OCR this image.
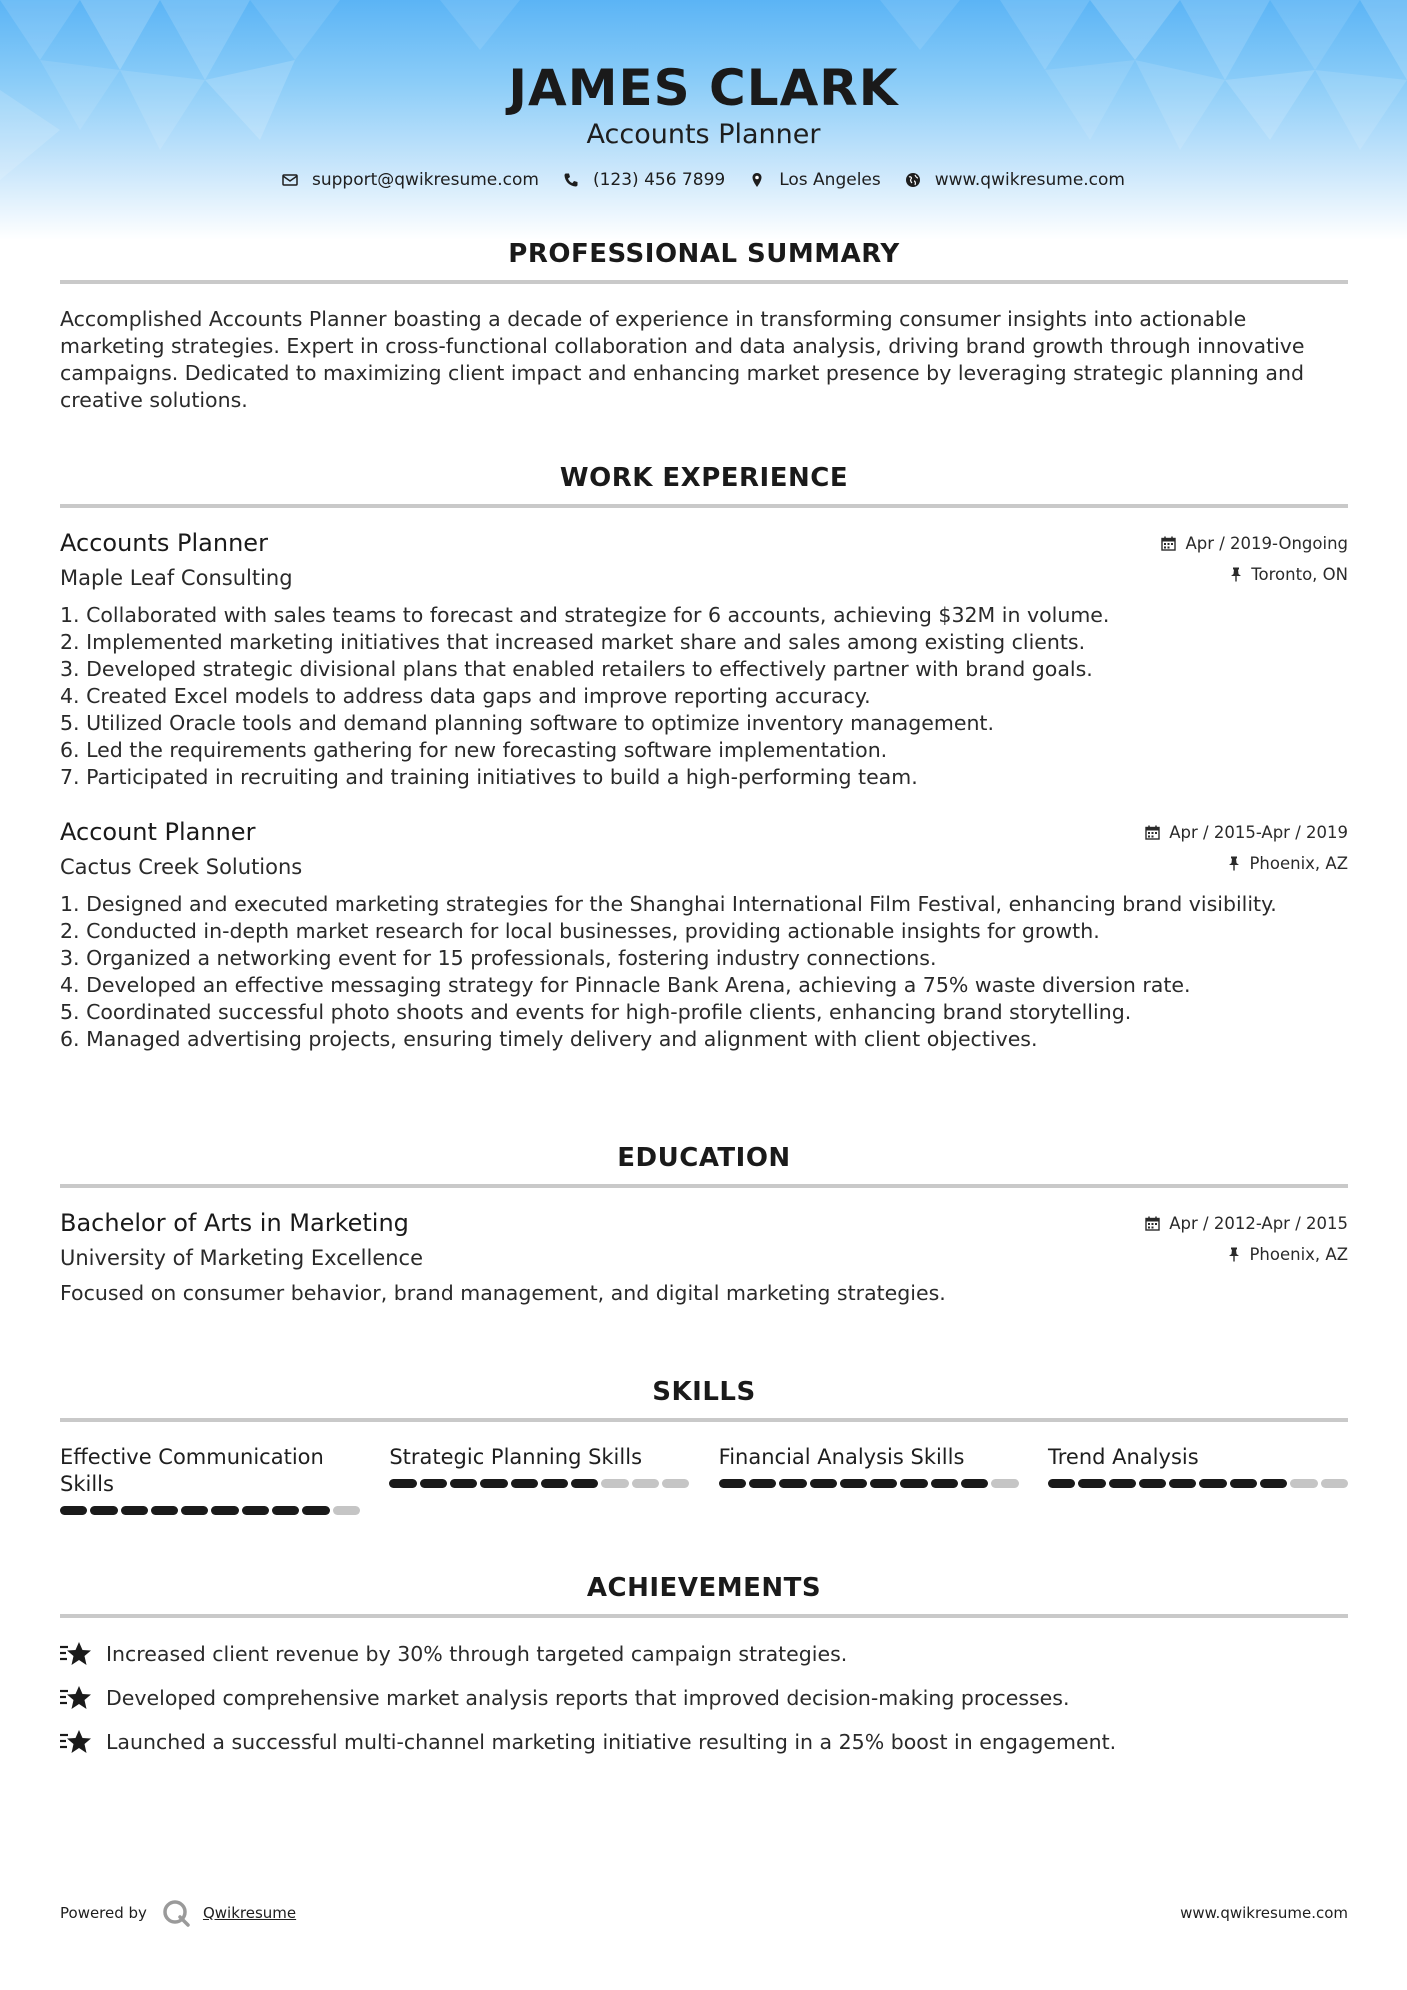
JAMES CLARK
Accounts Planner
support@qwikresume.com	(123) 456 7899	Los Angeles	www.qwikresume.com
PROFESSIONAL SUMMARY
Accomplished Accounts Planner boasting a decade of experience in transforming consumer insights into actionable marketing strategies. Expert in cross-functional collaboration and data analysis, driving brand growth through innovative campaigns. Dedicated to maximizing client impact and enhancing market presence by leveraging strategic planning and creative solutions.
WORK EXPERIENCE
Accounts Planner
Maple Leaf Consulting
Apr / 2019-Ongoing
Toronto, ON
1. Collaborated with sales teams to forecast and strategize for 6 accounts, achieving $32M in volume.
2. Implemented marketing initiatives that increased market share and sales among existing clients.
3. Developed strategic divisional plans that enabled retailers to effectively partner with brand goals.
4. Created Excel models to address data gaps and improve reporting accuracy.
5. Utilized Oracle tools and demand planning software to optimize inventory management.
6. Led the requirements gathering for new forecasting software implementation.
7. Participated in recruiting and training initiatives to build a high-performing team.
Account Planner
Cactus Creek Solutions
Apr / 2015-Apr / 2019
Phoenix, AZ
1. Designed and executed marketing strategies for the Shanghai International Film Festival, enhancing brand visibility.
2. Conducted in-depth market research for local businesses, providing actionable insights for growth.
3. Organized a networking event for 15 professionals, fostering industry connections.
4. Developed an effective messaging strategy for Pinnacle Bank Arena, achieving a 75% waste diversion rate.
5. Coordinated successful photo shoots and events for high-profile clients, enhancing brand storytelling.
6. Managed advertising projects, ensuring timely delivery and alignment with client objectives.
EDUCATION
Bachelor of Arts in Marketing
University of Marketing Excellence
Apr / 2012-Apr / 2015
Phoenix, AZ
Focused on consumer behavior, brand management, and digital marketing strategies.
SKILLS
Effective Communication Skills
Strategic Planning Skills	Financial Analysis Skills	Trend Analysis
ACHIEVEMENTS
Increased client revenue by 30% through targeted campaign strategies.
Developed comprehensive market analysis reports that improved decision-making processes.
Launched a successful multi-channel marketing initiative resulting in a 25% boost in engagement.
Powered by	Qwikresume	www.qwikresume.com
